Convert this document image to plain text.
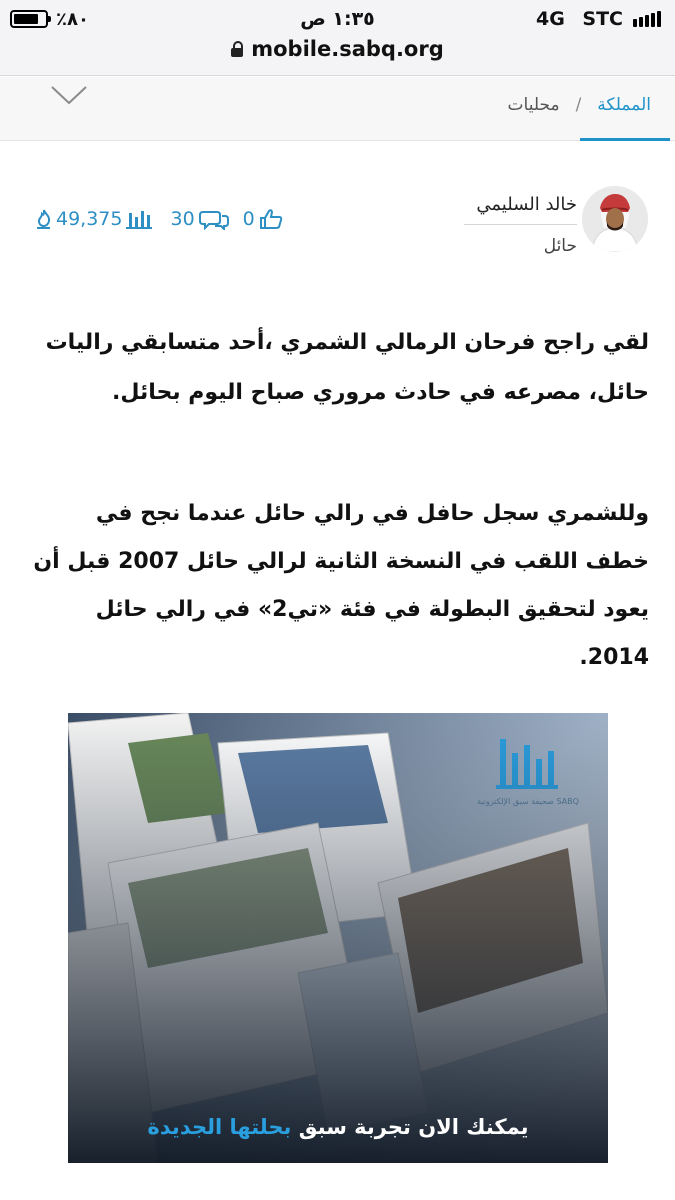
٪٨٠	١:٣٥ ص	4G STC
mobile.sabq.org
المملكة
/
محليات
خالد السليمي
حائل
49,375	30	0
لقي راجح فرحان الرمالي الشمري ،أحد متسابقي راليات حائل، مصرعه في حادث مروري صباح اليوم بحائل.
وللشمري سجل حافل في رالي حائل عندما نجح في خطف اللقب في النسخة الثانية لرالي حائل 2007 قبل أن يعود لتحقيق البطولة في فئة «تي2» في رالي حائل 2014.
SABQ صحيفة سبق الإلكترونية
يمكنك الان تجربة سبق بحلتها الجديدة
